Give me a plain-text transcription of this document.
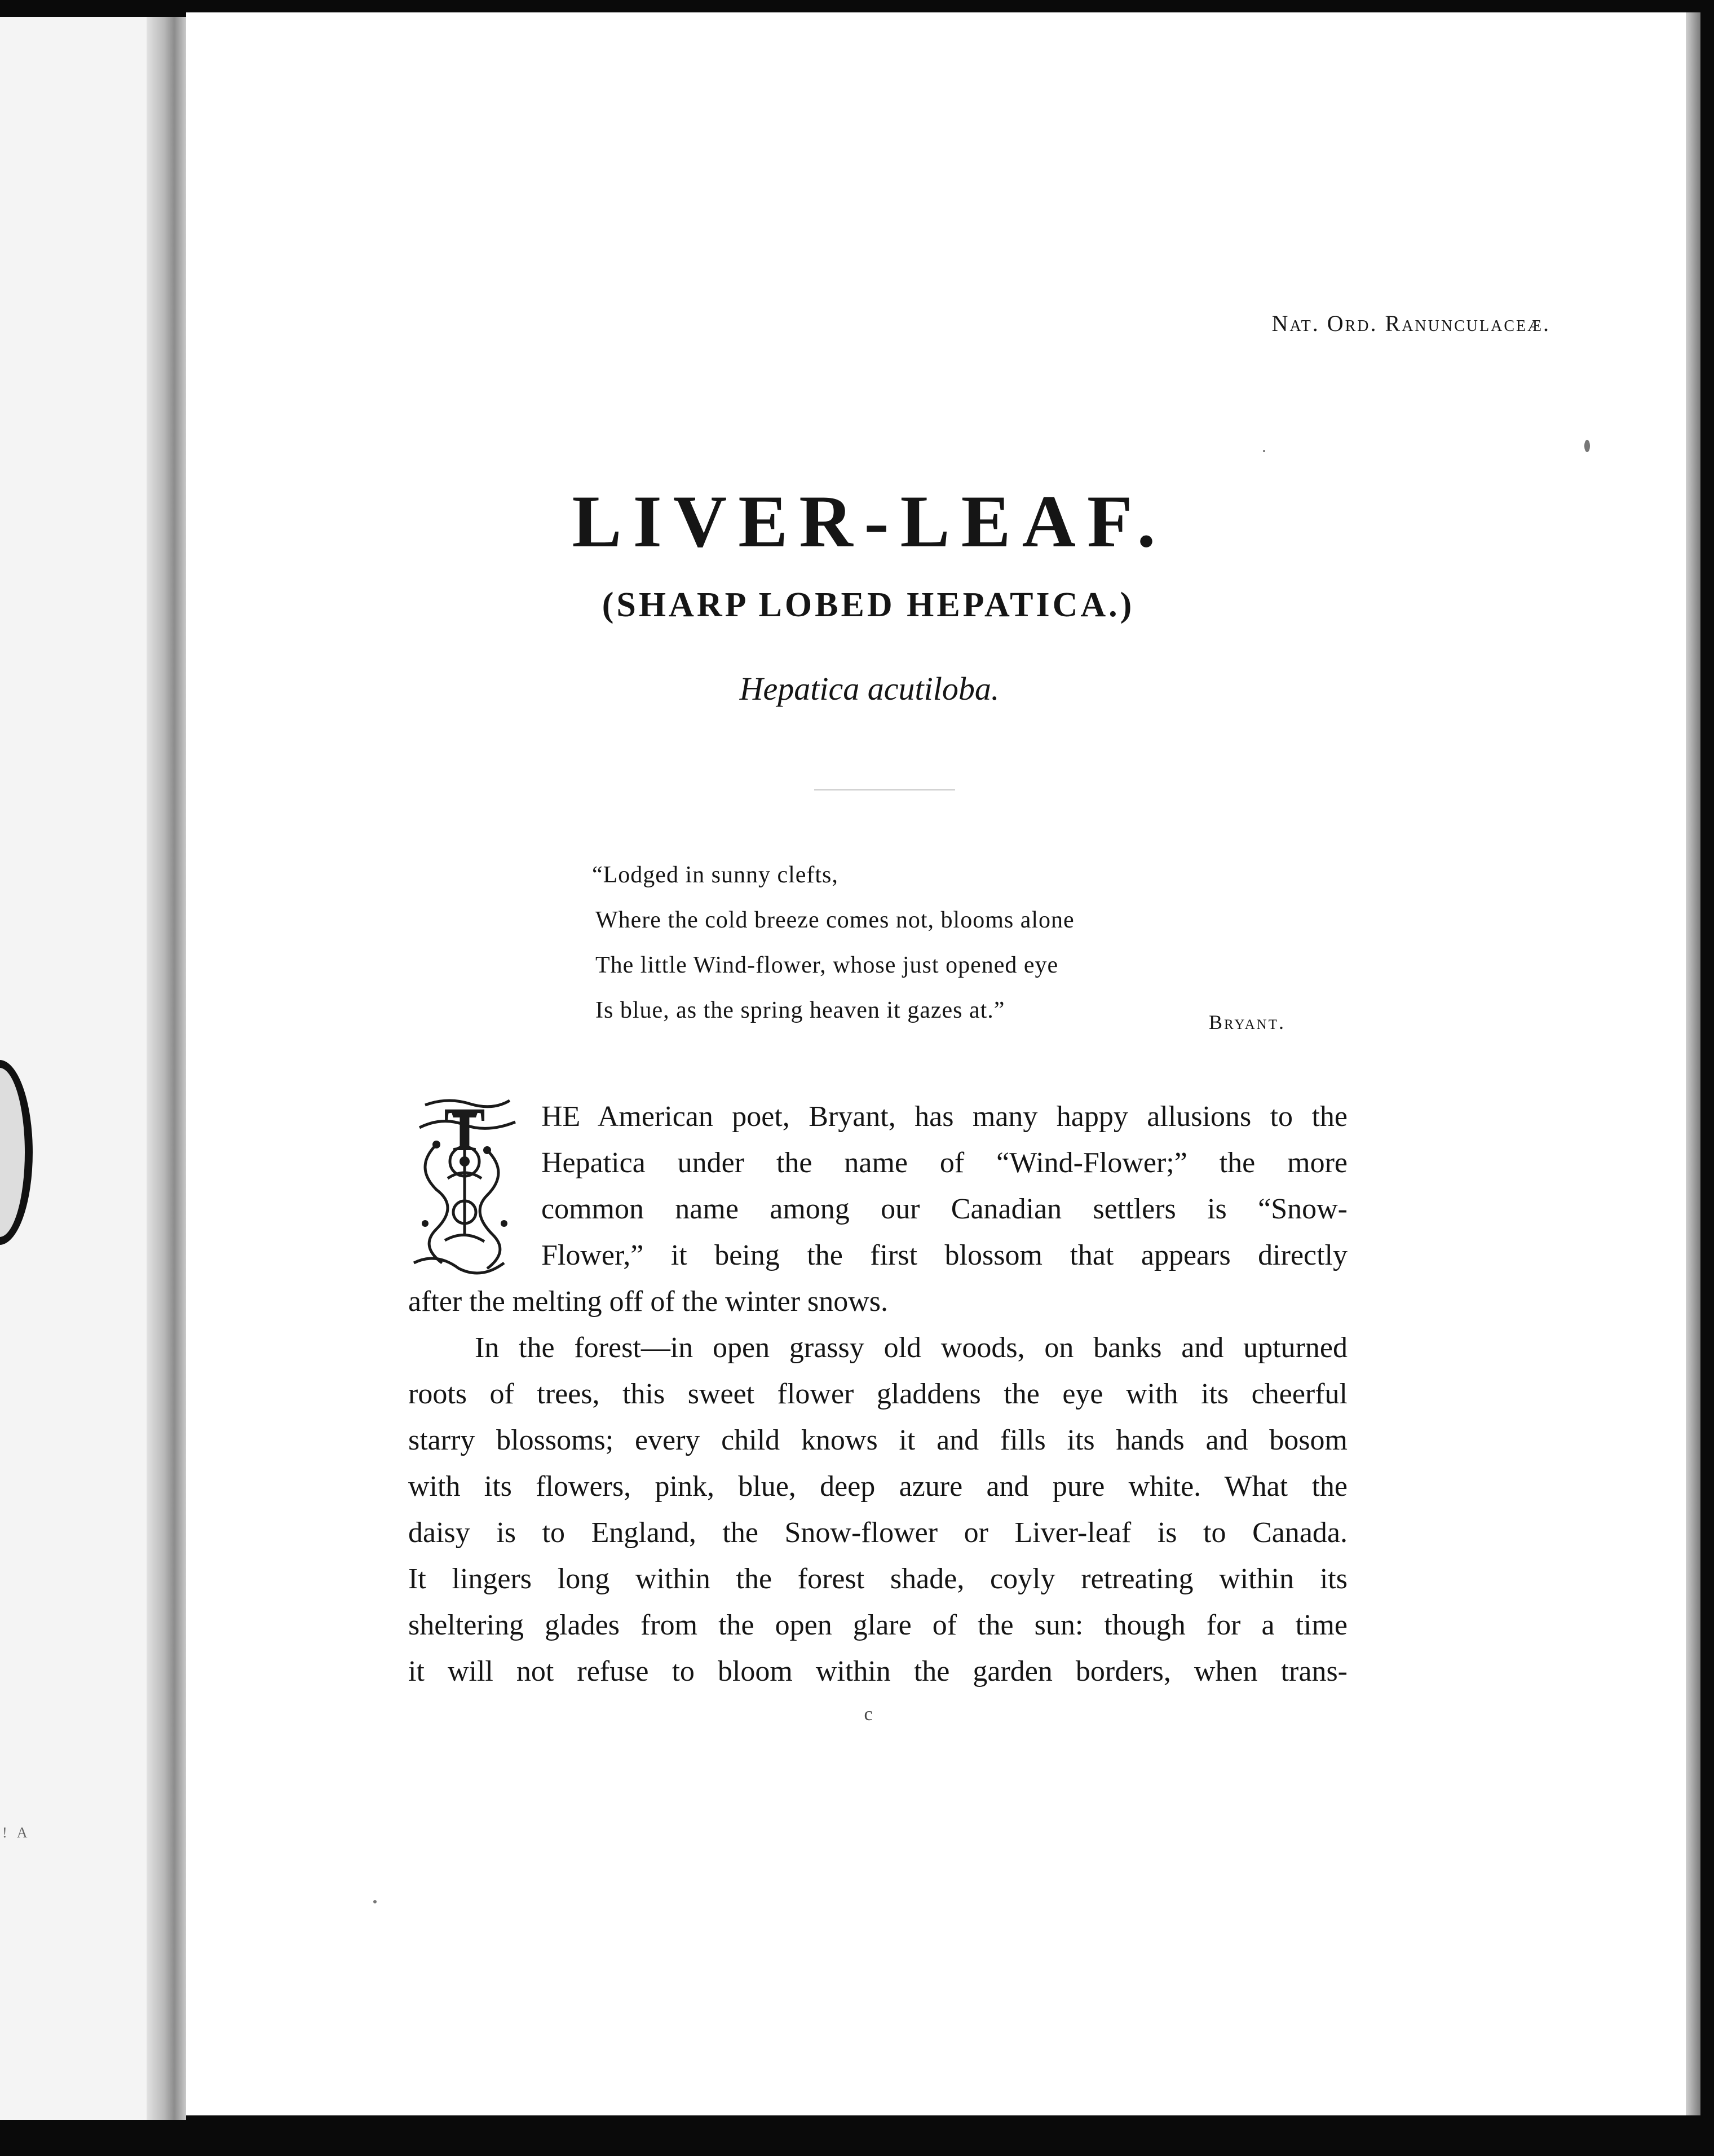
! A
Nat. Ord. Ranunculaceæ.
LIVER-LEAF.
(SHARP LOBED HEPATICA.)
Hepatica acutiloba.
“Lodged in sunny clefts,
Where the cold breeze comes not, blooms alone
The little Wind-flower, whose just opened eye
Is blue, as the spring heaven it gazes at.”	Bryant.
T HE American poet, Bryant, has many happy allusions to the
Hepatica under the name of “Wind-Flower;” the more
common name among our Canadian settlers is “Snow-
Flower,” it being the first blossom that appears directly
after the melting off of the winter snows.
In the forest—in open grassy old woods, on banks and upturned
roots of trees, this sweet flower gladdens the eye with its cheerful
starry blossoms; every child knows it and fills its hands and bosom
with its flowers, pink, blue, deep azure and pure white. What the
daisy is to England, the Snow-flower or Liver-leaf is to Canada.
It lingers long within the forest shade, coyly retreating within its
sheltering glades from the open glare of the sun: though for a time
it will not refuse to bloom within the garden borders, when trans-
c
